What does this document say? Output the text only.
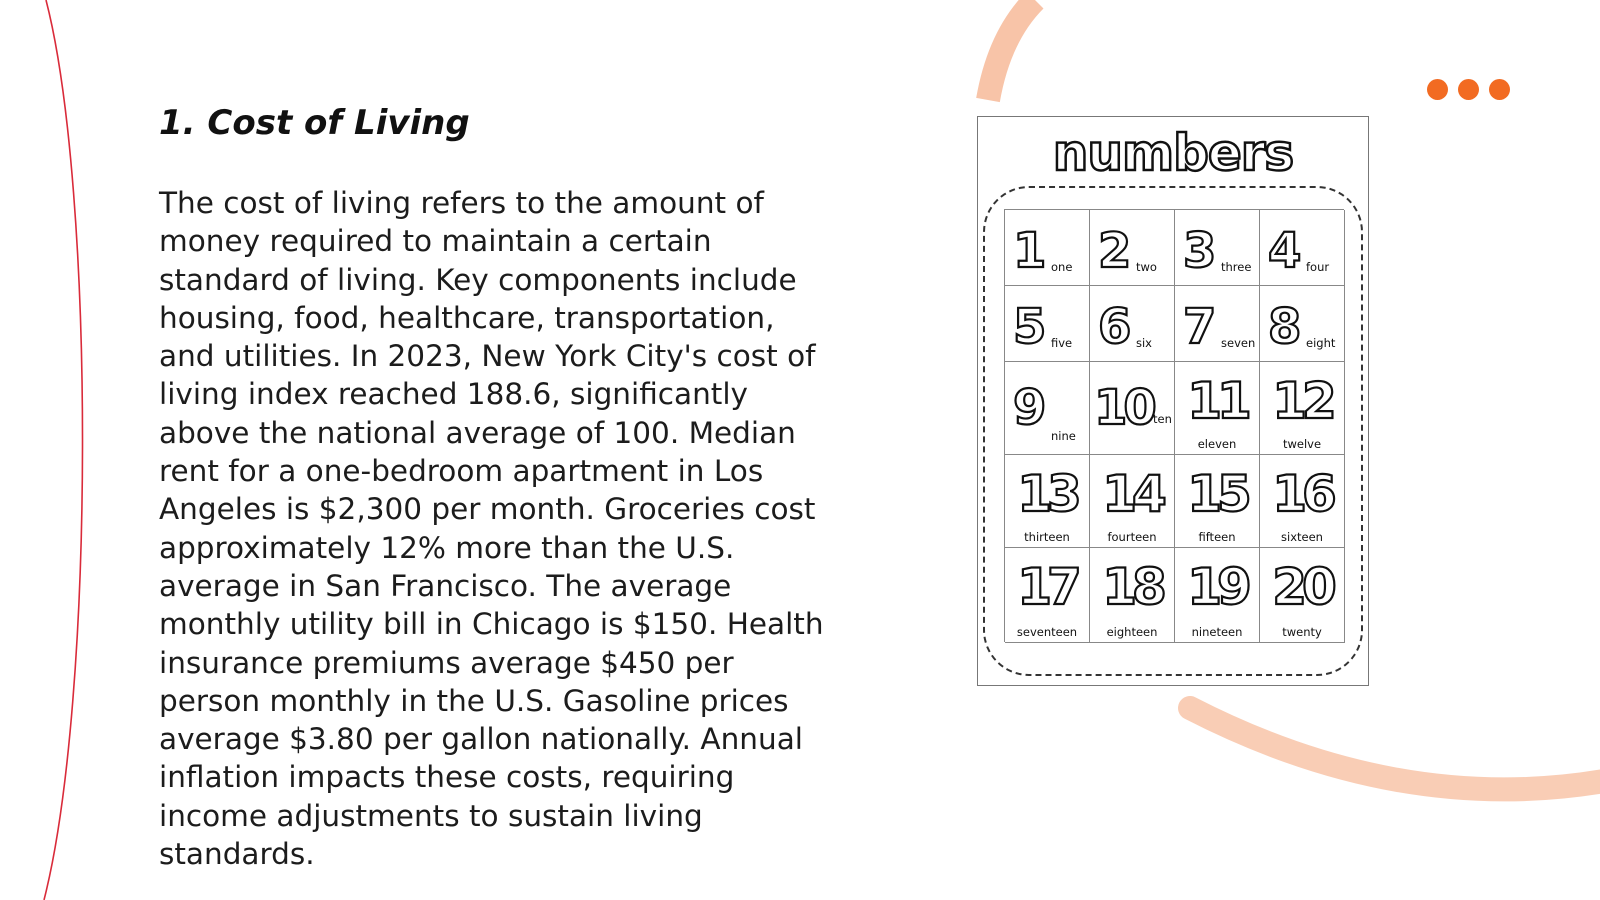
1. Cost of Living

The cost of living refers to the amount of money required to maintain a certain standard of living. Key components include housing, food, healthcare, transportation, and utilities. In 2023, New York City's cost of living index reached 188.6, significantly above the national average of 100. Median rent for a one-bedroom apartment in Los Angeles is $2,300 per month. Groceries cost approximately 12% more than the U.S. average in San Francisco. The average monthly utility bill in Chicago is $150. Health insurance premiums average $450 per person monthly in the U.S. Gasoline prices average $3.80 per gallon nationally. Annual inflation impacts these costs, requiring income adjustments to sustain living standards.

numbers
1 one 2 two 3 three 4 four
5 five 6 six 7 seven 8 eight
9 nine 10 ten 11
eleven
12
twelve
13
thirteen
14
fourteen
15
fifteen
16
sixteen
17
seventeen
18
eighteen
19
nineteen
20
twenty
